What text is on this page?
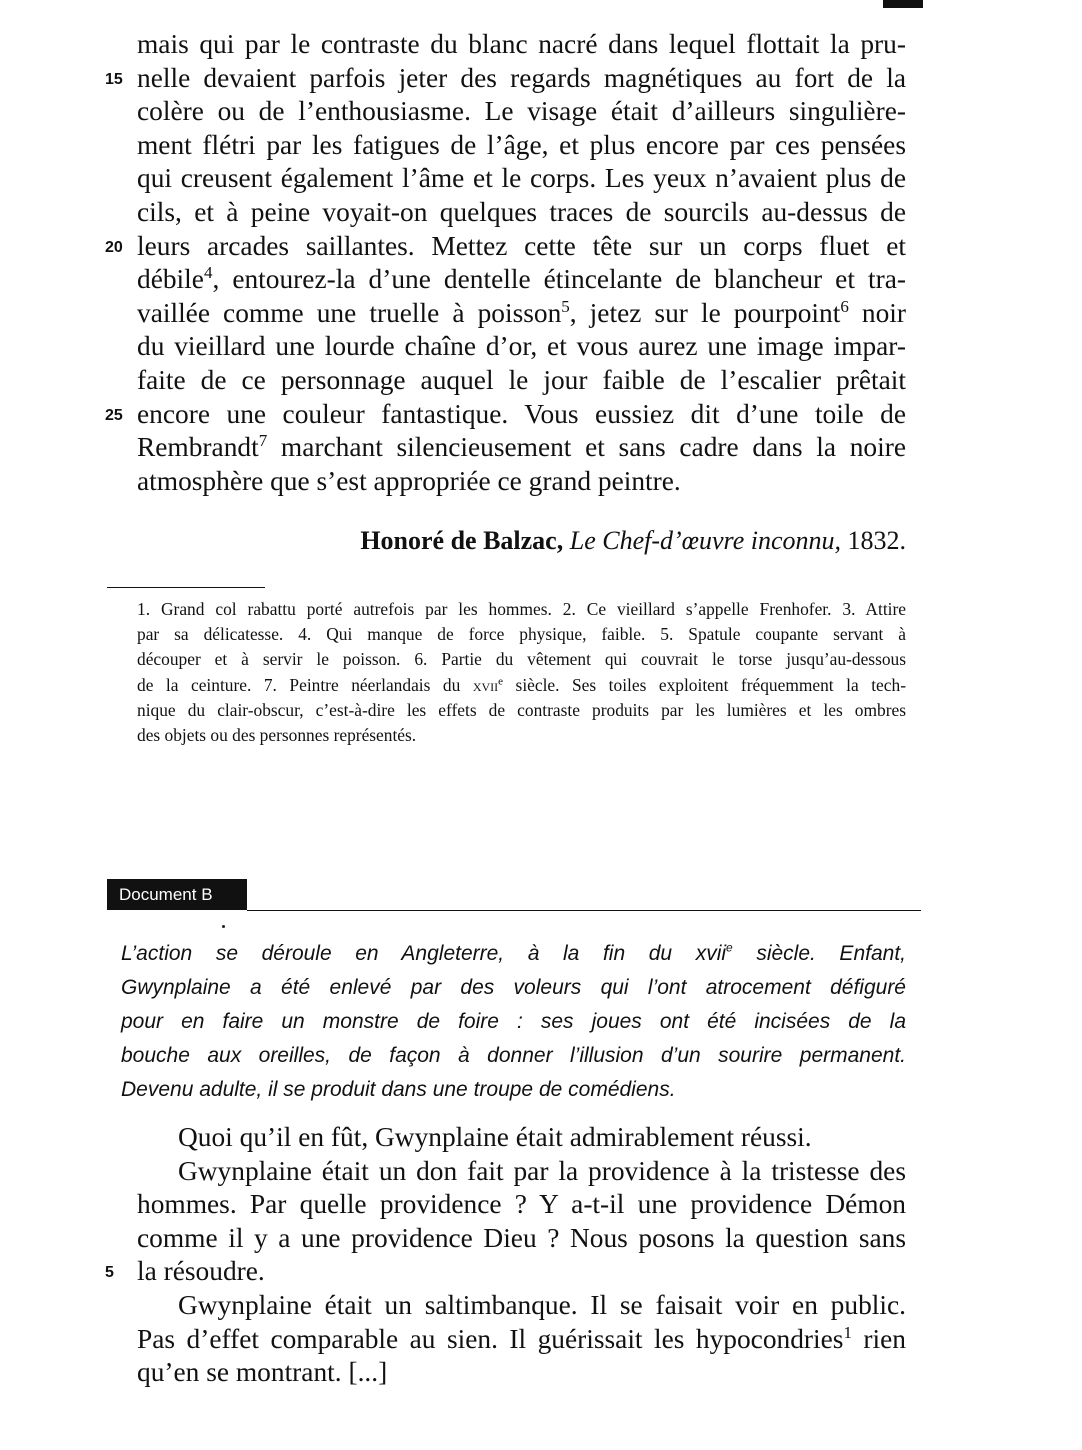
mais qui par le contraste du blanc nacré dans lequel flottait la pru-
15 nelle devaient parfois jeter des regards magnétiques au fort de la
colère ou de l’enthousiasme. Le visage était d’ailleurs singulière-
ment flétri par les fatigues de l’âge, et plus encore par ces pensées
qui creusent également l’âme et le corps. Les yeux n’avaient plus de
cils, et à peine voyait-on quelques traces de sourcils au-dessus de
20 leurs arcades saillantes. Mettez cette tête sur un corps fluet et
débile$^4$, entourez-la d’une dentelle étincelante de blancheur et tra-
vaillée comme une truelle à poisson$^5$, jetez sur le pourpoint$^6$ noir
du vieillard une lourde chaîne d’or, et vous aurez une image impar-
faite de ce personnage auquel le jour faible de l’escalier prêtait
25 encore une couleur fantastique. Vous eussiez dit d’une toile de
Rembrandt$^7$ marchant silencieusement et sans cadre dans la noire
atmosphère que s’est appropriée ce grand peintre.
Honoré de Balzac, Le Chef-d’œuvre inconnu, 1832.
1. Grand col rabattu porté autrefois par les hommes. 2. Ce vieillard s’appelle Frenhofer. 3. Attire
par sa délicatesse. 4. Qui manque de force physique, faible. 5. Spatule coupante servant à
découper et à servir le poisson. 6. Partie du vêtement qui couvrait le torse jusqu’au-dessous
de la ceinture. 7. Peintre néerlandais du xvii$^e$ siècle. Ses toiles exploitent fréquemment la tech-
nique du clair-obscur, c’est-à-dire les effets de contraste produits par les lumières et les ombres
des objets ou des personnes représentés.
Document B
L’action se déroule en Angleterre, à la fin du xvii$^e$ siècle. Enfant,
Gwynplaine a été enlevé par des voleurs qui l’ont atrocement défiguré
pour en faire un monstre de foire : ses joues ont été incisées de la
bouche aux oreilles, de façon à donner l’illusion d’un sourire permanent.
Devenu adulte, il se produit dans une troupe de comédiens.
Quoi qu’il en fût, Gwynplaine était admirablement réussi.
Gwynplaine était un don fait par la providence à la tristesse des
hommes. Par quelle providence ? Y a-t-il une providence Démon
comme il y a une providence Dieu ? Nous posons la question sans
5 la résoudre.
Gwynplaine était un saltimbanque. Il se faisait voir en public.
Pas d’effet comparable au sien. Il guérissait les hypocondries$^1$ rien
qu’en se montrant. [...]
